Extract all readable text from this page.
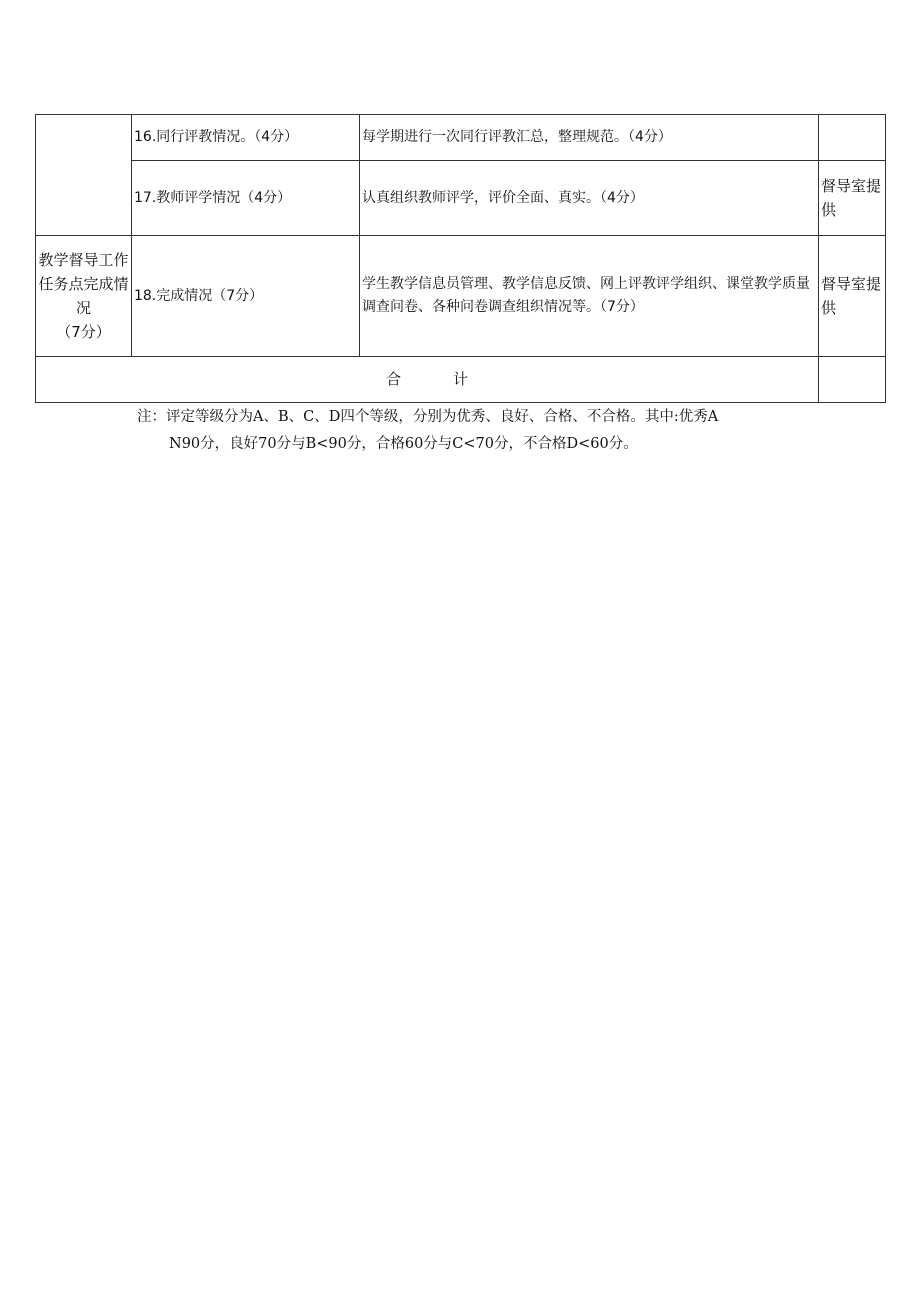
	16.同行评教情况。（4分）	每学期进行一次同行评教汇总，整理规范。（4分）	
	17.教师评学情况（4分）	认真组织教师评学，评价全面、真实。（4分）	督导室提供

教学督导工作
任务点完成情
况
（7分）	18.完成情况（7分）	学生教学信息员管理、教学信息反馈、网上评教评学组织、课堂教学质量调查问卷、各种问卷调查组织情况等。（7分）	督导室提供
合 计			
注：评定等级分为A、B、C、D四个等级，分别为优秀、良好、合格、不合格。其中:优秀A
N90分，良好70分与B<90分，合格60分与C<70分，不合格D<60分。
